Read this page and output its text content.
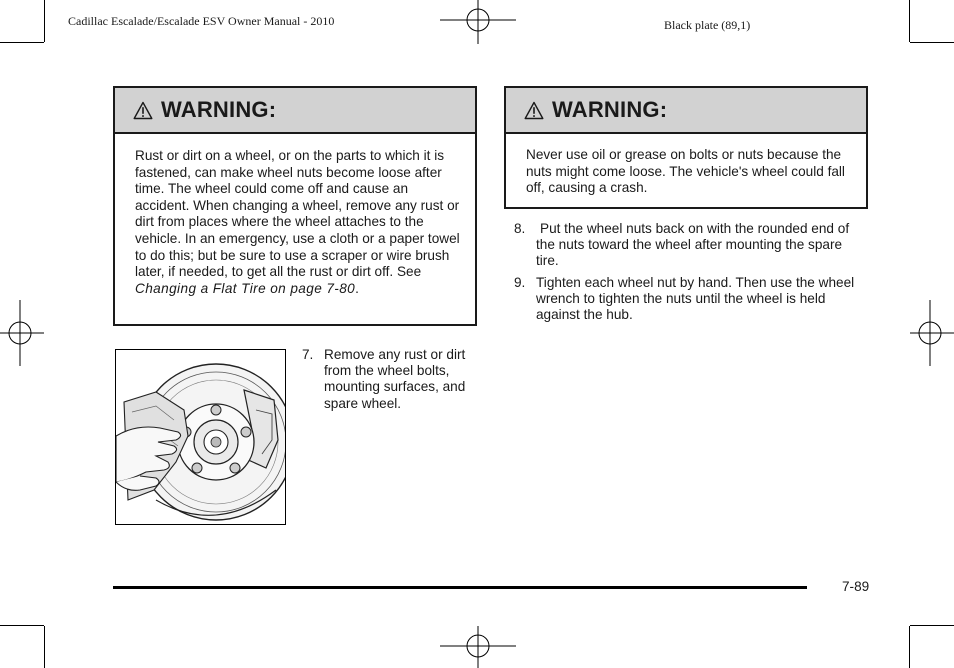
Cadillac Escalade/Escalade ESV Owner Manual - 2010	Black plate (89,1)
WARNING:
Rust or dirt on a wheel, or on the parts to which it is fastened, can make wheel nuts become loose after time. The wheel could come off and cause an accident. When changing a wheel, remove any rust or dirt from places where the wheel attaches to the vehicle. In an emergency, use a cloth or a paper towel to do this; but be sure to use a scraper or wire brush later, if needed, to get all the rust or dirt off. See Changing a Flat Tire on page 7-80.
WARNING:
Never use oil or grease on bolts or nuts because the nuts might come loose. The vehicle's wheel could fall off, causing a crash.
7. Remove any rust or dirt from the wheel bolts, mounting surfaces, and spare wheel.
8.	Put the wheel nuts back on with the rounded end of the nuts toward the wheel after mounting the spare tire.
9. Tighten each wheel nut by hand. Then use the wheel wrench to tighten the nuts until the wheel is held against the hub.
7-89
